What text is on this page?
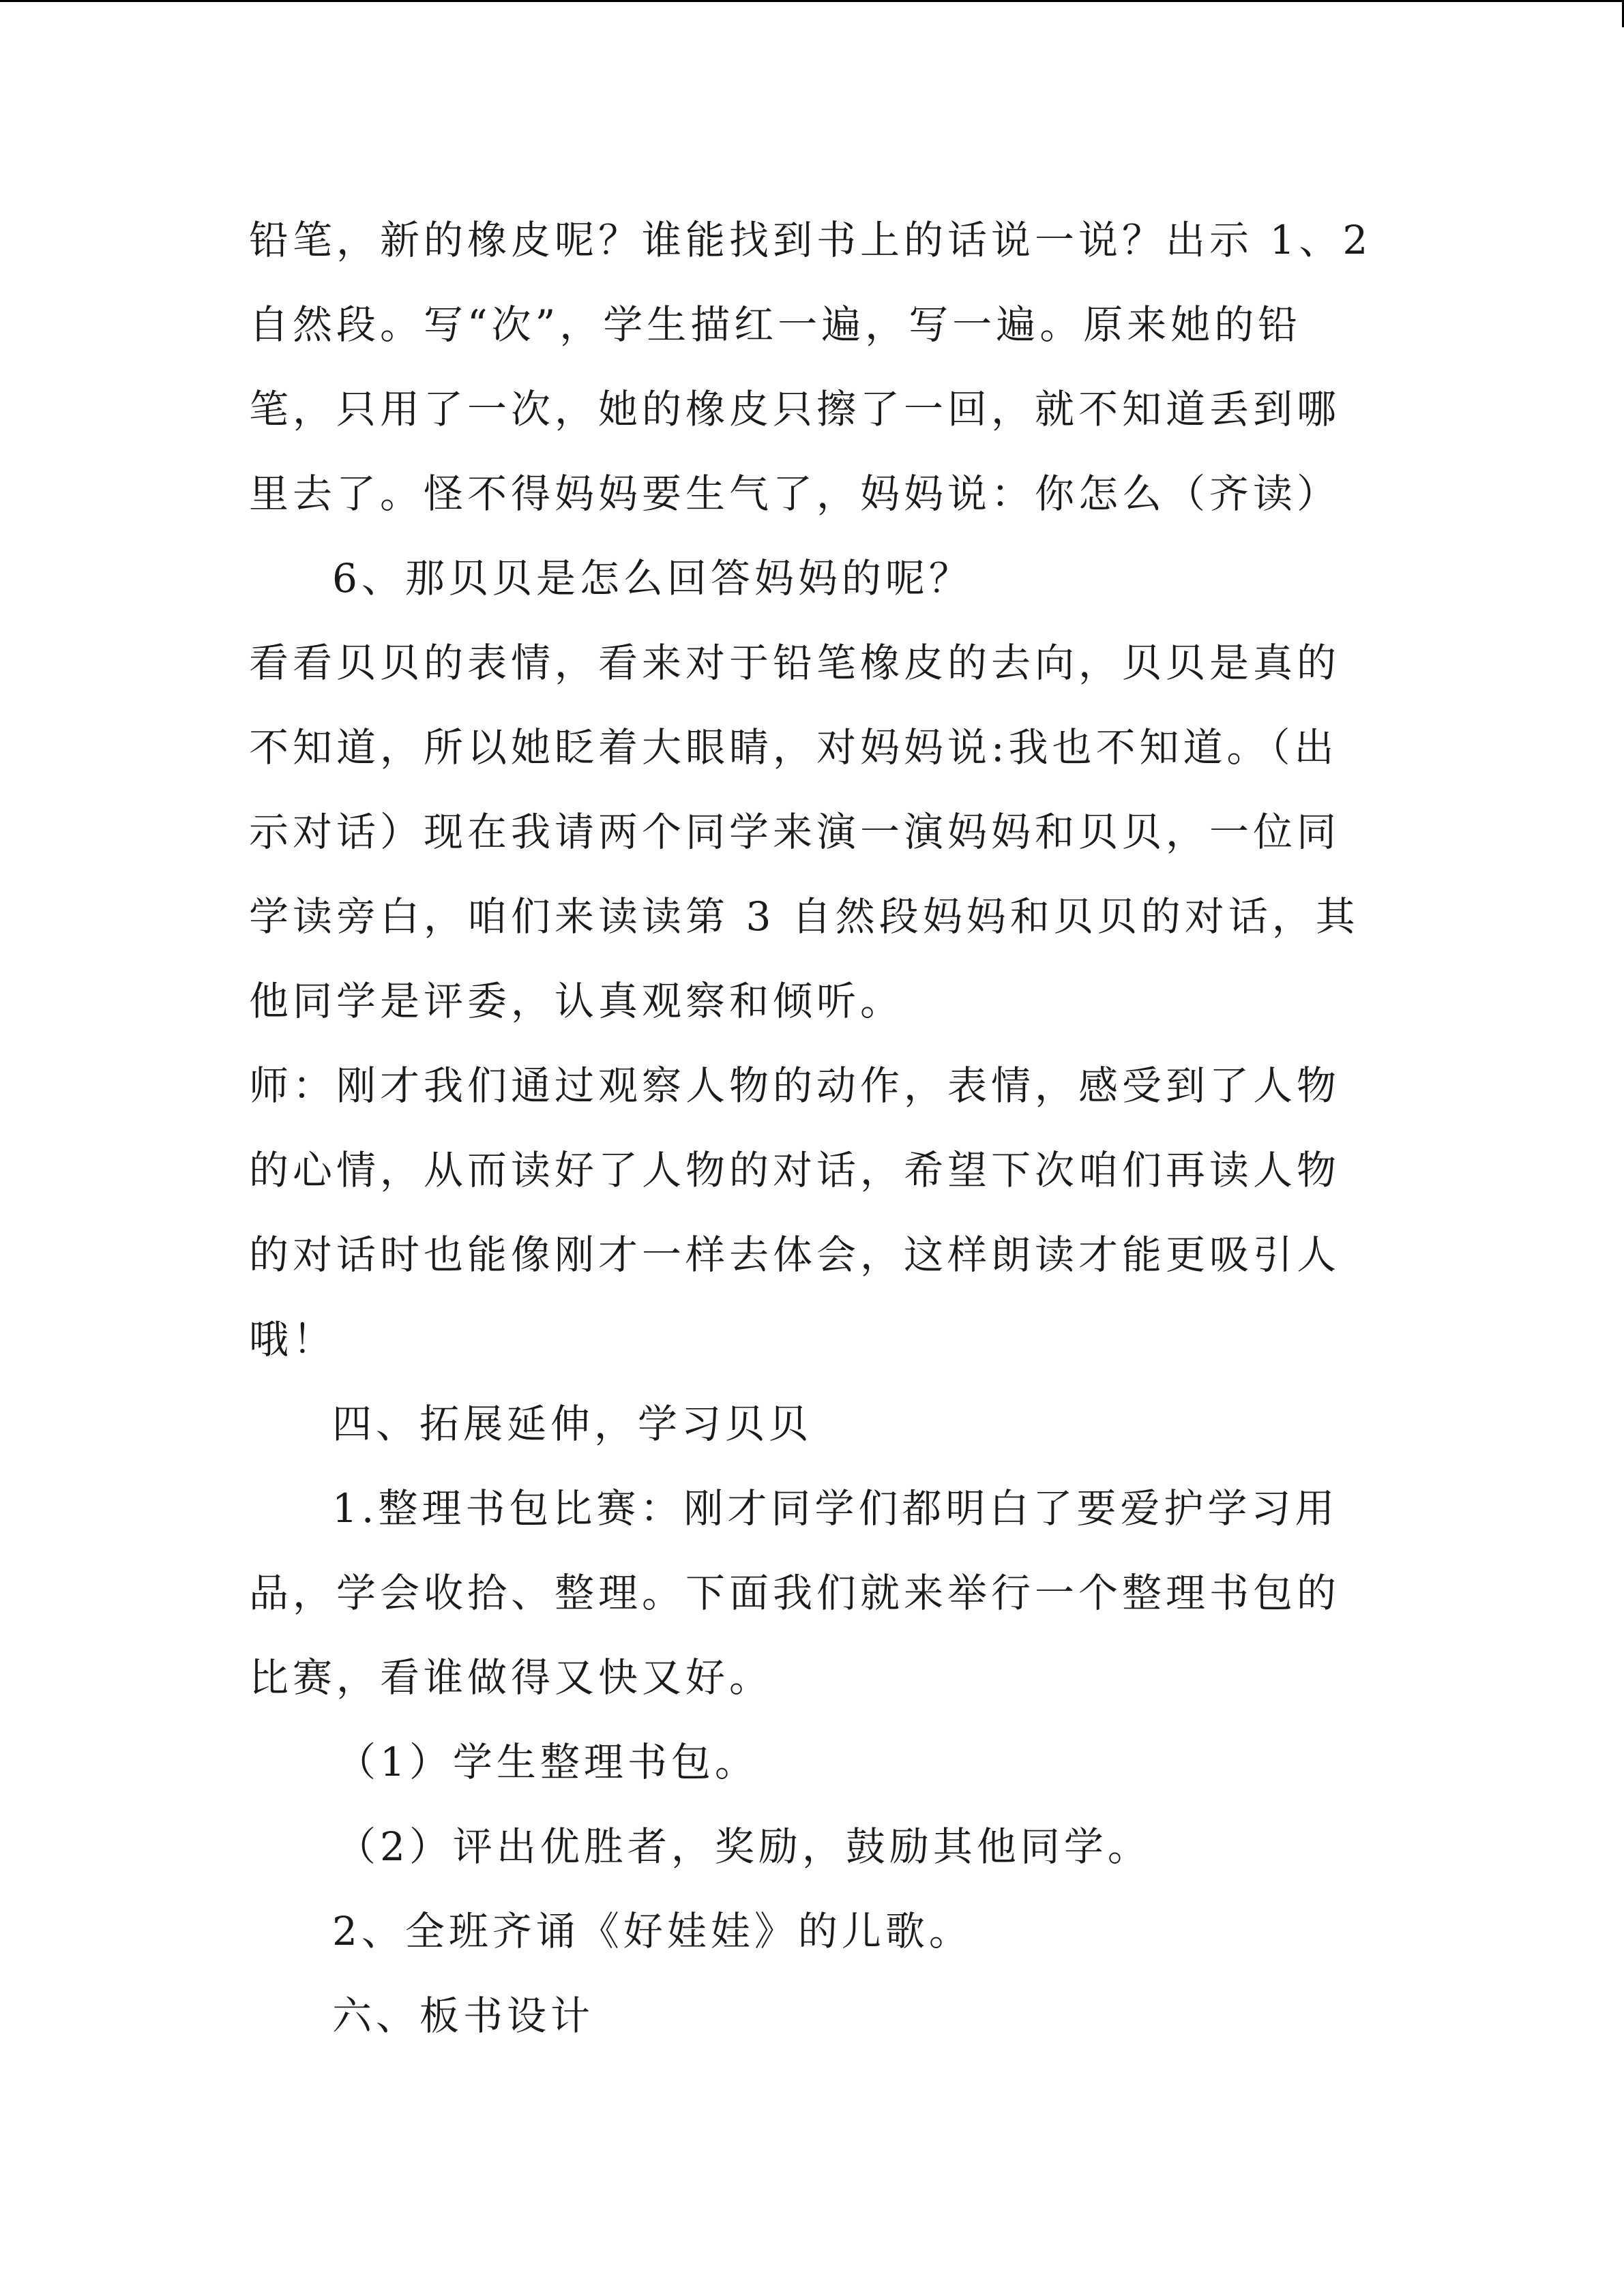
铅笔，新的橡皮呢？谁能找到书上的话说一说？出示 1、2
自然段。写“次”，学生描红一遍，写一遍。原来她的铅
笔，只用了一次，她的橡皮只擦了一回，就不知道丢到哪
里去了。怪不得妈妈要生气了，妈妈说：你怎么（齐读）
6、那贝贝是怎么回答妈妈的呢？
看看贝贝的表情，看来对于铅笔橡皮的去向，贝贝是真的
不知道，所以她眨着大眼睛，对妈妈说:我也不知道。（出
示对话）现在我请两个同学来演一演妈妈和贝贝，一位同
学读旁白，咱们来读读第 3 自然段妈妈和贝贝的对话，其
他同学是评委，认真观察和倾听。
师：刚才我们通过观察人物的动作，表情，感受到了人物
的心情，从而读好了人物的对话，希望下次咱们再读人物
的对话时也能像刚才一样去体会，这样朗读才能更吸引人
哦！
四、拓展延伸，学习贝贝
1.整理书包比赛：刚才同学们都明白了要爱护学习用
品，学会收拾、整理。下面我们就来举行一个整理书包的
比赛，看谁做得又快又好。
（1）学生整理书包。
（2）评出优胜者，奖励，鼓励其他同学。
2、全班齐诵《好娃娃》的儿歌。
六、板书设计
